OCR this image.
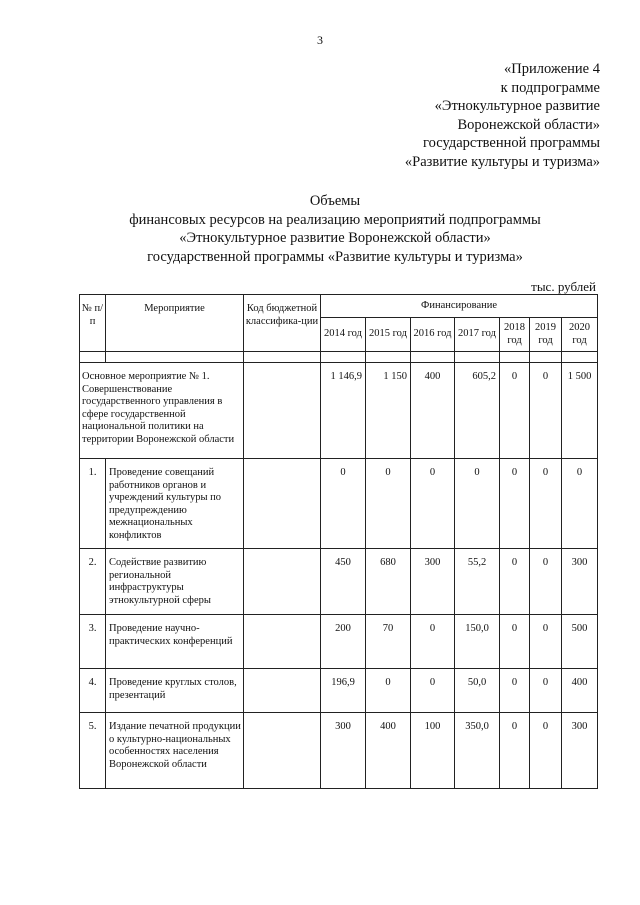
3
«Приложение 4
к подпрограмме
«Этнокультурное развитие
Воронежской области»
государственной программы
«Развитие культуры и туризма»
Объемы
финансовых ресурсов на реализацию мероприятий подпрограммы
«Этнокультурное развитие Воронежской области»
государственной программы «Развитие культуры и туризма»
тыс. рублей
№ п/п	Мероприятие	Код бюджетной классифика-ции	Финансирование						
			2014 год	2015 год	2016 год	2017 год	2018 год	2019 год	2020 год

Основное мероприятие № 1. Совершенствование государственного управления в сфере государственной национальной политики на территории Воронежской области			1 146,9	1 150	400	605,2	0	0	1 500
1.	Проведение совещаний работников органов и учреждений культуры по предупреждению межнациональных конфликтов		0	0	0	0	0	0	0
2.	Содействие развитию региональной инфраструктуры этнокультурной сферы		450	680	300	55,2	0	0	300
3.	Проведение научно-практических конференций		200	70	0	150,0	0	0	500
4.	Проведение круглых столов, презентаций		196,9	0	0	50,0	0	0	400
5.	Издание печатной продукции о культурно-национальных особенностях населения Воронежской области		300	400	100	350,0	0	0	300
